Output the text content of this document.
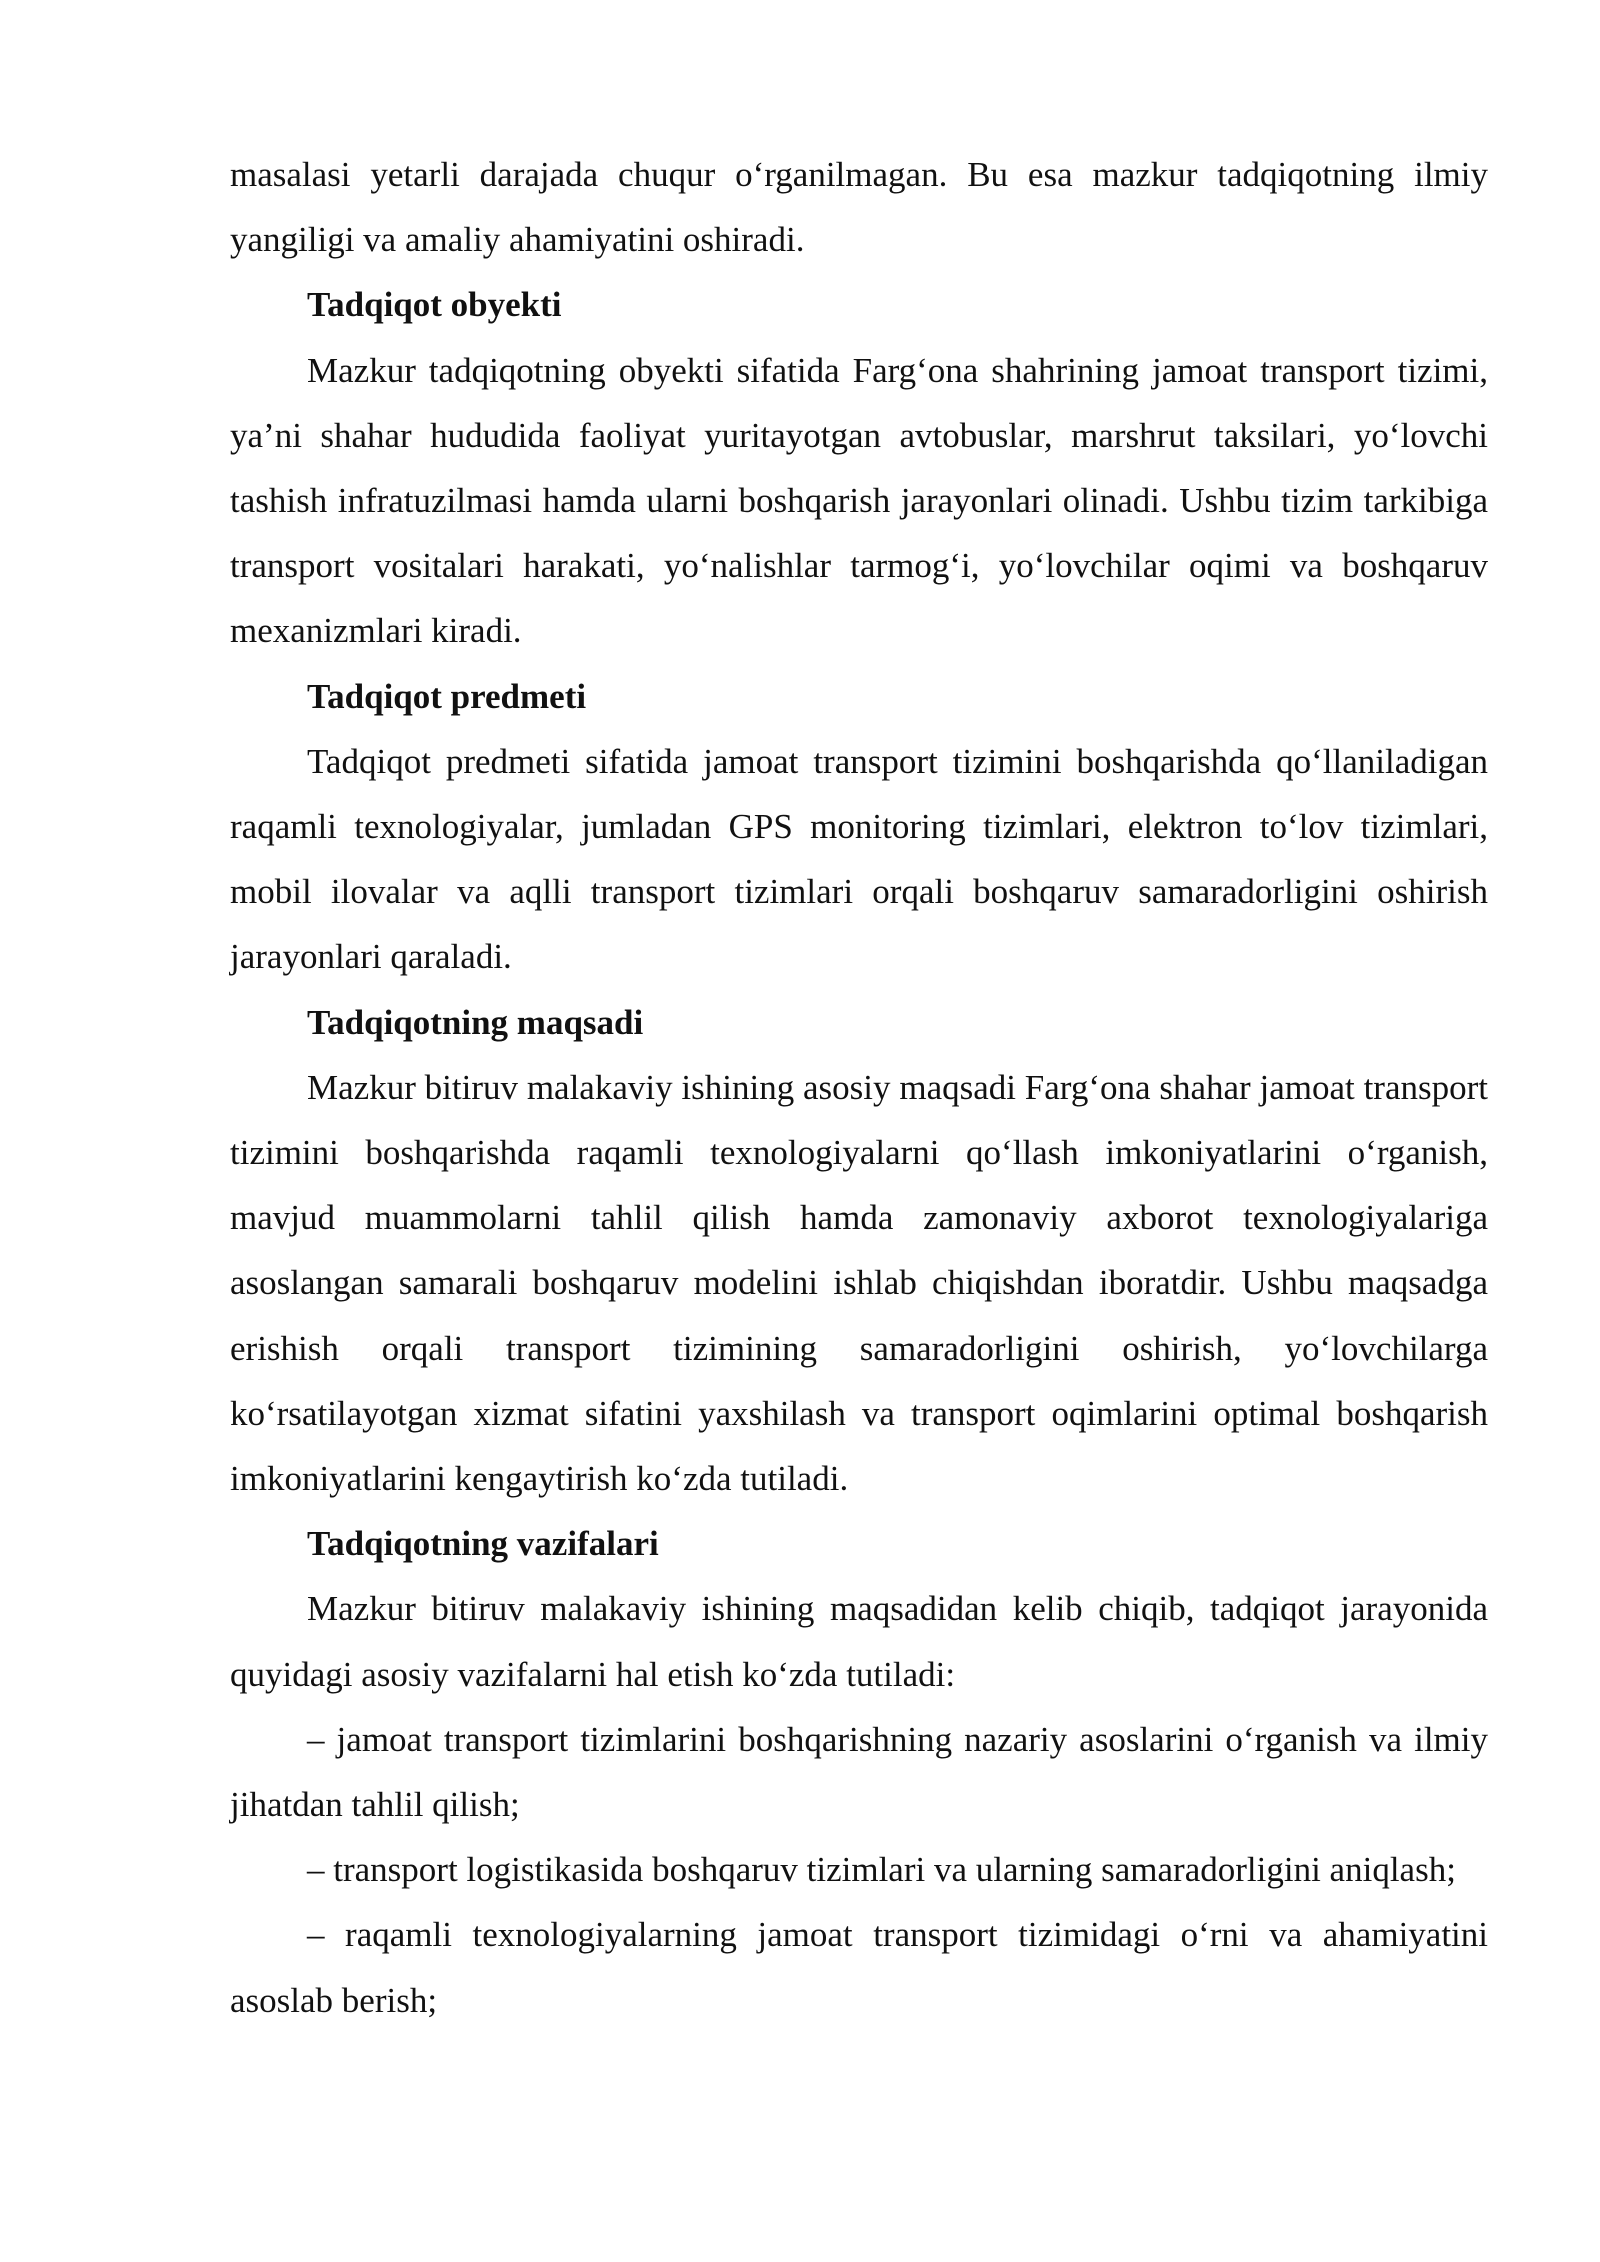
masalasi yetarli darajada chuqur o‘rganilmagan. Bu esa mazkur tadqiqotning ilmiy yangiligi va amaliy ahamiyatini oshiradi.

Tadqiqot obyekti

Mazkur tadqiqotning obyekti sifatida Farg‘ona shahrining jamoat transport tizimi, ya’ni shahar hududida faoliyat yuritayotgan avtobuslar, marshrut taksilari, yo‘lovchi tashish infratuzilmasi hamda ularni boshqarish jarayonlari olinadi. Ushbu tizim tarkibiga transport vositalari harakati, yo‘nalishlar tarmog‘i, yo‘lovchilar oqimi va boshqaruv mexanizmlari kiradi.

Tadqiqot predmeti

Tadqiqot predmeti sifatida jamoat transport tizimini boshqarishda qo‘llaniladigan raqamli texnologiyalar, jumladan GPS monitoring tizimlari, elektron to‘lov tizimlari, mobil ilovalar va aqlli transport tizimlari orqali boshqaruv samaradorligini oshirish jarayonlari qaraladi.

Tadqiqotning maqsadi

Mazkur bitiruv malakaviy ishining asosiy maqsadi Farg‘ona shahar jamoat transport tizimini boshqarishda raqamli texnologiyalarni qo‘llash imkoniyatlarini o‘rganish, mavjud muammolarni tahlil qilish hamda zamonaviy axborot texnologiyalariga asoslangan samarali boshqaruv modelini ishlab chiqishdan iboratdir. Ushbu maqsadga erishish orqali transport tizimining samaradorligini oshirish, yo‘lovchilarga ko‘rsatilayotgan xizmat sifatini yaxshilash va transport oqimlarini optimal boshqarish imkoniyatlarini kengaytirish ko‘zda tutiladi.

Tadqiqotning vazifalari

Mazkur bitiruv malakaviy ishining maqsadidan kelib chiqib, tadqiqot jarayonida quyidagi asosiy vazifalarni hal etish ko‘zda tutiladi:

– jamoat transport tizimlarini boshqarishning nazariy asoslarini o‘rganish va ilmiy jihatdan tahlil qilish;

– transport logistikasida boshqaruv tizimlari va ularning samaradorligini aniqlash;

– raqamli texnologiyalarning jamoat transport tizimidagi o‘rni va ahamiyatini asoslab berish;
